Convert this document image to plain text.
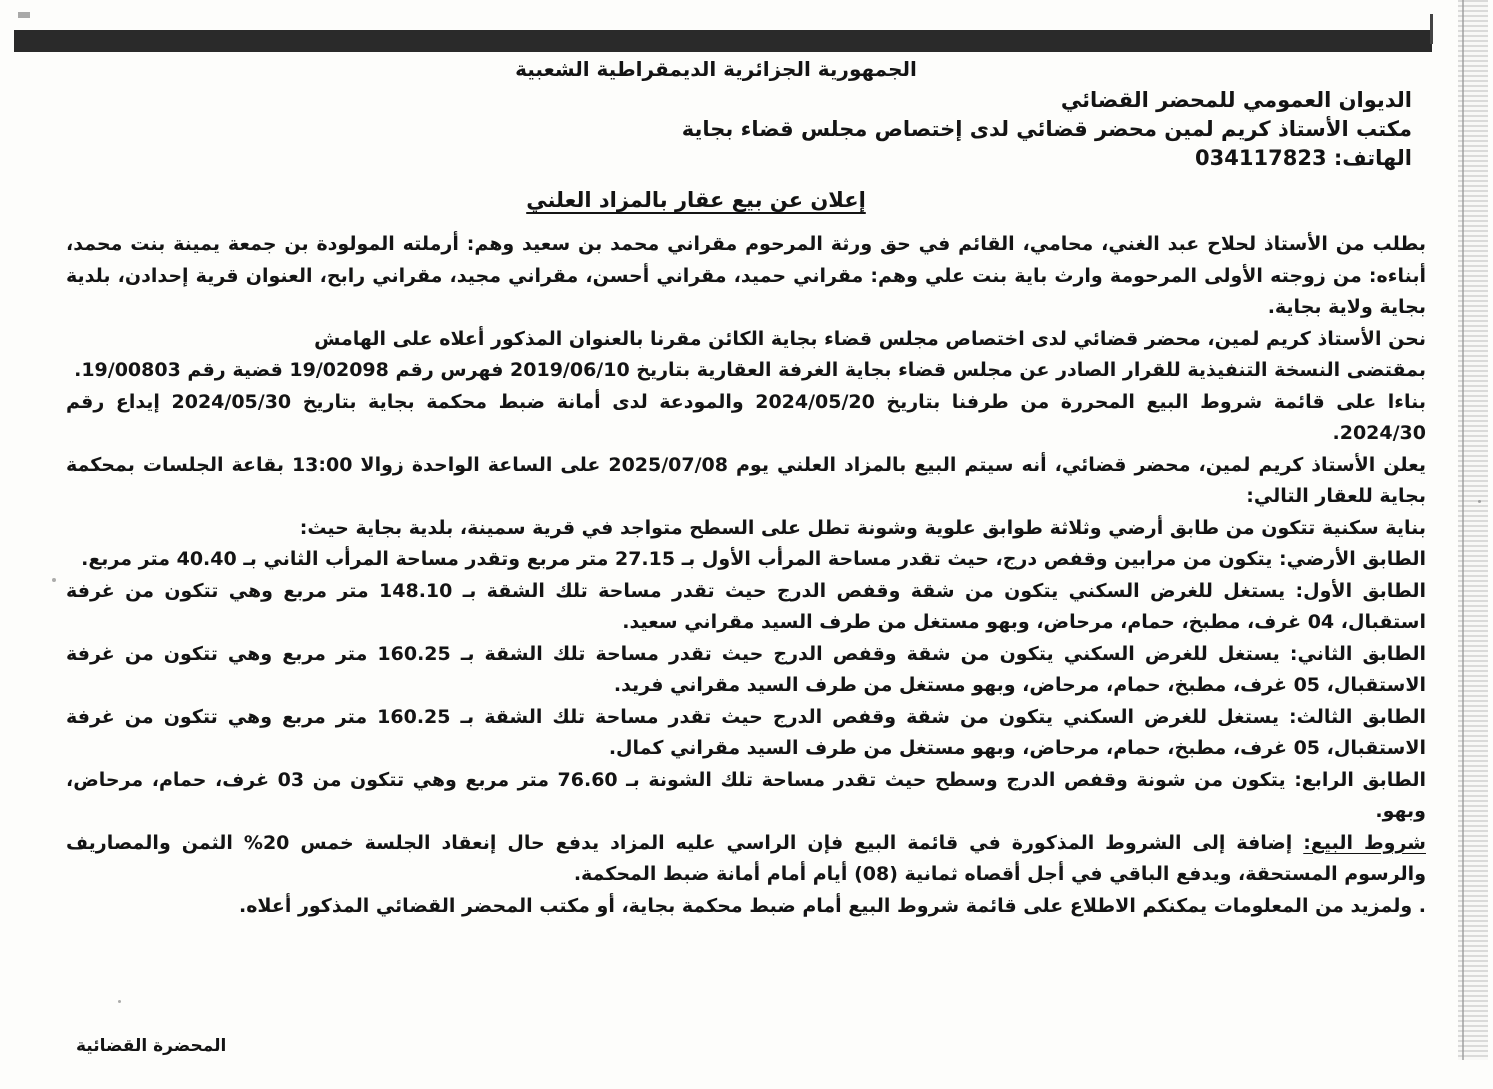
الجمهورية الجزائرية الديمقراطية الشعبية
الديوان العمومي للمحضر القضائي
مكتب الأستاذ كريم لمين محضر قضائي لدى إختصاص مجلس قضاء بجاية
الهاتف: 034117823
إعلان عن بيع عقار بالمزاد العلني

بطلب من الأستاذ لحلاح عبد الغني، محامي، القائم في حق ورثة المرحوم مقراني محمد بن سعيد وهم: أرملته المولودة بن جمعة يمينة بنت محمد، أبناءه: من زوجته الأولى المرحومة وارث باية بنت علي وهم: مقراني حميد، مقراني أحسن، مقراني مجيد، مقراني رابح، العنوان قرية إحدادن، بلدية بجاية ولاية بجاية.

نحن الأستاذ كريم لمين، محضر قضائي لدى اختصاص مجلس قضاء بجاية الكائن مقرنا بالعنوان المذكور أعلاه على الهامش

بمقتضى النسخة التنفيذية للقرار الصادر عن مجلس قضاء بجاية الغرفة العقارية بتاريخ 2019/06/10 فهرس رقم 19/02098 قضية رقم 19/00803.

بناءا على قائمة شروط البيع المحررة من طرفنا بتاريخ 2024/05/20 والمودعة لدى أمانة ضبط محكمة بجاية بتاريخ 2024/05/30 إيداع رقم 2024/30.

يعلن الأستاذ كريم لمين، محضر قضائي، أنه سيتم البيع بالمزاد العلني يوم 2025/07/08 على الساعة الواحدة زوالا 13:00 بقاعة الجلسات بمحكمة بجاية للعقار التالي:

بناية سكنية تتكون من طابق أرضي وثلاثة طوابق علوية وشونة تطل على السطح متواجد في قرية سمينة، بلدية بجاية حيث:

الطابق الأرضي: يتكون من مرابين وقفص درج، حيث تقدر مساحة المرأب الأول بـ 27.15 متر مربع وتقدر مساحة المرأب الثاني بـ 40.40 متر مربع.

الطابق الأول: يستغل للغرض السكني يتكون من شقة وقفص الدرج حيث تقدر مساحة تلك الشقة بـ 148.10 متر مربع وهي تتكون من غرفة استقبال، 04 غرف، مطبخ، حمام، مرحاض، وبهو مستغل من طرف السيد مقراني سعيد.

الطابق الثاني: يستغل للغرض السكني يتكون من شقة وقفص الدرج حيث تقدر مساحة تلك الشقة بـ 160.25 متر مربع وهي تتكون من غرفة الاستقبال، 05 غرف، مطبخ، حمام، مرحاض، وبهو مستغل من طرف السيد مقراني فريد.

الطابق الثالث: يستغل للغرض السكني يتكون من شقة وقفص الدرج حيث تقدر مساحة تلك الشقة بـ 160.25 متر مربع وهي تتكون من غرفة الاستقبال، 05 غرف، مطبخ، حمام، مرحاض، وبهو مستغل من طرف السيد مقراني كمال.

الطابق الرابع: يتكون من شونة وقفص الدرج وسطح حيث تقدر مساحة تلك الشونة بـ 76.60 متر مربع وهي تتكون من 03 غرف، حمام، مرحاض، وبهو.

شروط البيع: إضافة إلى الشروط المذكورة في قائمة البيع فإن الراسي عليه المزاد يدفع حال إنعقاد الجلسة خمس 20% الثمن والمصاريف والرسوم المستحقة، ويدفع الباقي في أجل أقصاه ثمانية (08) أيام أمام أمانة ضبط المحكمة.

. ولمزيد من المعلومات يمكنكم الاطلاع على قائمة شروط البيع أمام ضبط محكمة بجاية، أو مكتب المحضر القضائي المذكور أعلاه.

المحضرة القضائية
